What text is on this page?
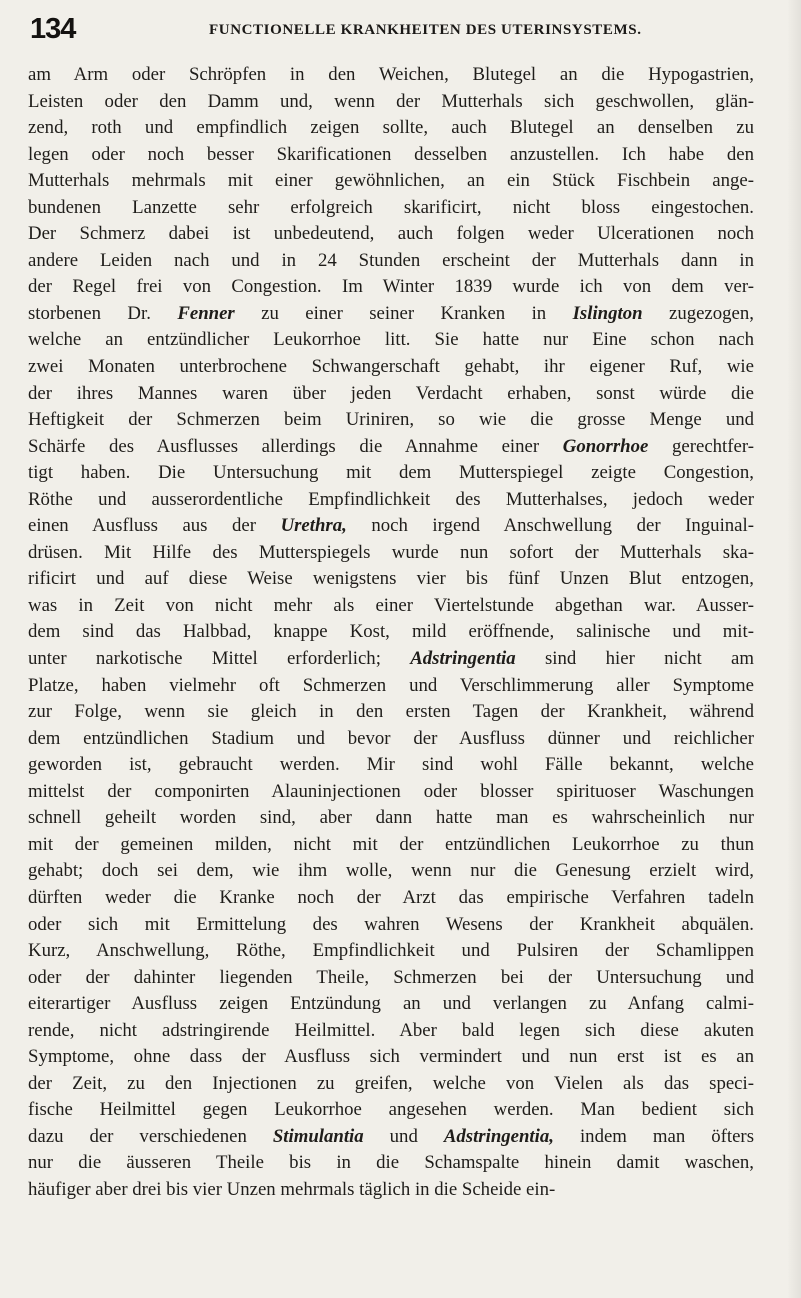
134	FUNCTIONELLE KRANKHEITEN DES UTERINSYSTEMS.
am Arm oder Schröpfen in den Weichen, Blutegel an die Hypogastrien,
Leisten oder den Damm und, wenn der Mutterhals sich geschwollen, glän-
zend, roth und empfindlich zeigen sollte, auch Blutegel an denselben zu
legen oder noch besser Skarificationen desselben anzustellen. Ich habe den
Mutterhals mehrmals mit einer gewöhnlichen, an ein Stück Fischbein ange-
bundenen Lanzette sehr erfolgreich skarificirt, nicht bloss eingestochen.
Der Schmerz dabei ist unbedeutend, auch folgen weder Ulcerationen noch
andere Leiden nach und in 24 Stunden erscheint der Mutterhals dann in
der Regel frei von Congestion. Im Winter 1839 wurde ich von dem ver-
storbenen Dr. Fenner zu einer seiner Kranken in Islington zugezogen,
welche an entzündlicher Leukorrhoe litt. Sie hatte nur Eine schon nach
zwei Monaten unterbrochene Schwangerschaft gehabt, ihr eigener Ruf, wie
der ihres Mannes waren über jeden Verdacht erhaben, sonst würde die
Heftigkeit der Schmerzen beim Uriniren, so wie die grosse Menge und
Schärfe des Ausflusses allerdings die Annahme einer Gonorrhoe gerechtfer-
tigt haben. Die Untersuchung mit dem Mutterspiegel zeigte Congestion,
Röthe und ausserordentliche Empfindlichkeit des Mutterhalses, jedoch weder
einen Ausfluss aus der Urethra, noch irgend Anschwellung der Inguinal-
drüsen. Mit Hilfe des Mutterspiegels wurde nun sofort der Mutterhals ska-
rificirt und auf diese Weise wenigstens vier bis fünf Unzen Blut entzogen,
was in Zeit von nicht mehr als einer Viertelstunde abgethan war. Ausser-
dem sind das Halbbad, knappe Kost, mild eröffnende, salinische und mit-
unter narkotische Mittel erforderlich; Adstringentia sind hier nicht am
Platze, haben vielmehr oft Schmerzen und Verschlimmerung aller Symptome
zur Folge, wenn sie gleich in den ersten Tagen der Krankheit, während
dem entzündlichen Stadium und bevor der Ausfluss dünner und reichlicher
geworden ist, gebraucht werden. Mir sind wohl Fälle bekannt, welche
mittelst der componirten Alauninjectionen oder blosser spirituoser Waschungen
schnell geheilt worden sind, aber dann hatte man es wahrscheinlich nur
mit der gemeinen milden, nicht mit der entzündlichen Leukorrhoe zu thun
gehabt; doch sei dem, wie ihm wolle, wenn nur die Genesung erzielt wird,
dürften weder die Kranke noch der Arzt das empirische Verfahren tadeln
oder sich mit Ermittelung des wahren Wesens der Krankheit abquälen.
Kurz, Anschwellung, Röthe, Empfindlichkeit und Pulsiren der Schamlippen
oder der dahinter liegenden Theile, Schmerzen bei der Untersuchung und
eiterartiger Ausfluss zeigen Entzündung an und verlangen zu Anfang calmi-
rende, nicht adstringirende Heilmittel. Aber bald legen sich diese akuten
Symptome, ohne dass der Ausfluss sich vermindert und nun erst ist es an
der Zeit, zu den Injectionen zu greifen, welche von Vielen als das speci-
fische Heilmittel gegen Leukorrhoe angesehen werden. Man bedient sich
dazu der verschiedenen Stimulantia und Adstringentia, indem man öfters
nur die äusseren Theile bis in die Schamspalte hinein damit waschen,
häufiger aber drei bis vier Unzen mehrmals täglich in die Scheide ein-
